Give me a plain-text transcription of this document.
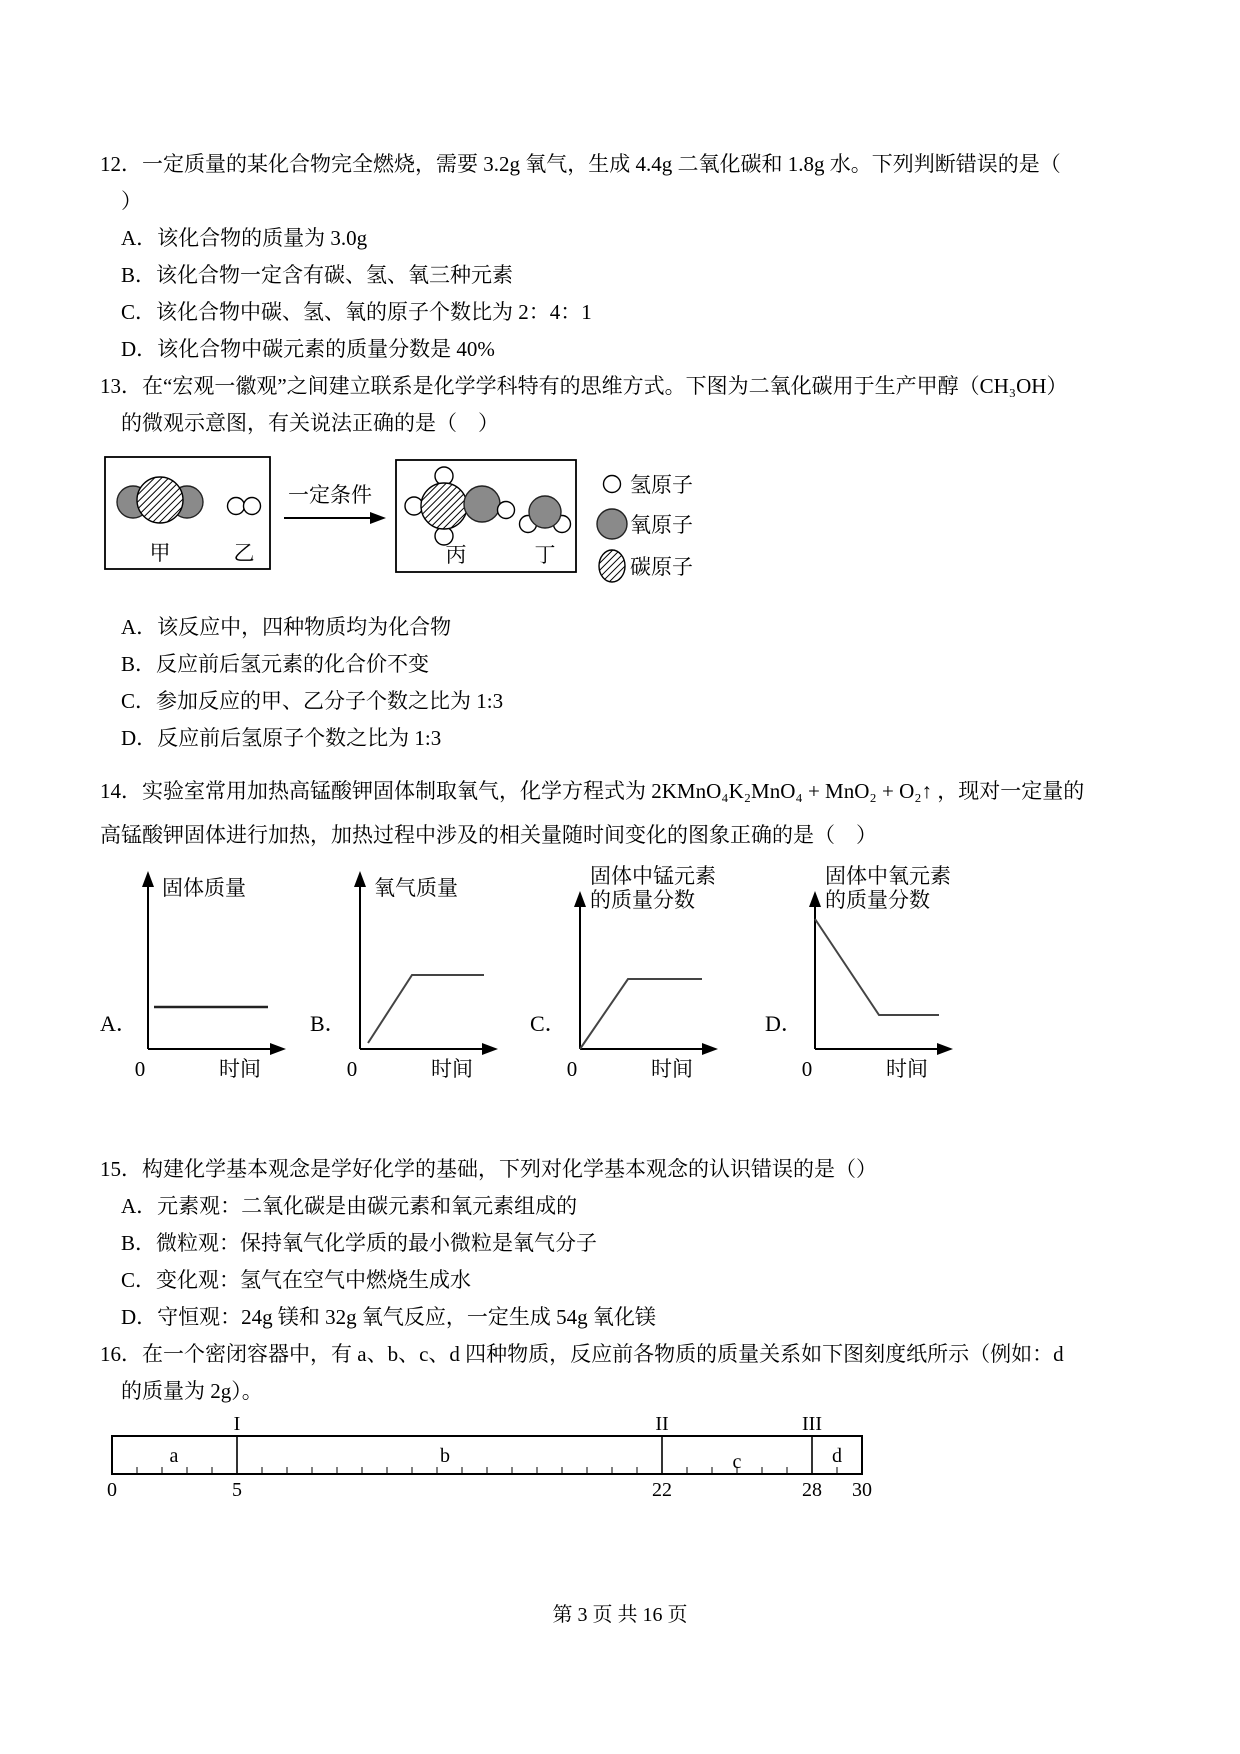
12．一定质量的某化合物完全燃烧，需要 3.2g 氧气，生成 4.4g 二氧化碳和 1.8g 水。下列判断错误的是（
）
A．该化合物的质量为 3.0g
B．该化合物一定含有碳、氢、氧三种元素
C．该化合物中碳、氢、氧的原子个数比为 2：4：1
D．该化合物中碳元素的质量分数是 40%
13．在“宏观一徽观”之间建立联系是化学学科特有的思维方式。下图为二氧化碳用于生产甲醇（CH₃OH）
的微观示意图，有关说法正确的是（　）
甲	乙
一定条件
丙	丁
氢原子
氧原子
碳原子
A．该反应中，四种物质均为化合物
B．反应前后氢元素的化合价不变
C．参加反应的甲、乙分子个数之比为 1:3
D．反应前后氢原子个数之比为 1:3
14．实验室常用加热高锰酸钾固体制取氧气，化学方程式为 2KMnO₄K₂MnO₄ + MnO₂ + O₂↑ ，现对一定量的
高锰酸钾固体进行加热，加热过程中涉及的相关量随时间变化的图象正确的是（　）
A．
固体质量
0	时间
B．
氧气质量
0	时间
C．
固体中锰元素
的质量分数
0	时间
D．
固体中氧元素
的质量分数
0	时间
15．构建化学基本观念是学好化学的基础，下列对化学基本观念的认识错误的是（）
A．元素观：二氧化碳是由碳元素和氧元素组成的
B．微粒观：保持氧气化学质的最小微粒是氧气分子
C．变化观：氢气在空气中燃烧生成水
D．守恒观：24g 镁和 32g 氧气反应，一定生成 54g 氧化镁
16．在一个密闭容器中，有 a、b、c、d 四种物质，反应前各物质的质量关系如下图刻度纸所示（例如：d
的质量为 2g）。
I	II	III
a	b	c	d
0	5	22	28 30
第 3 页 共 16 页
